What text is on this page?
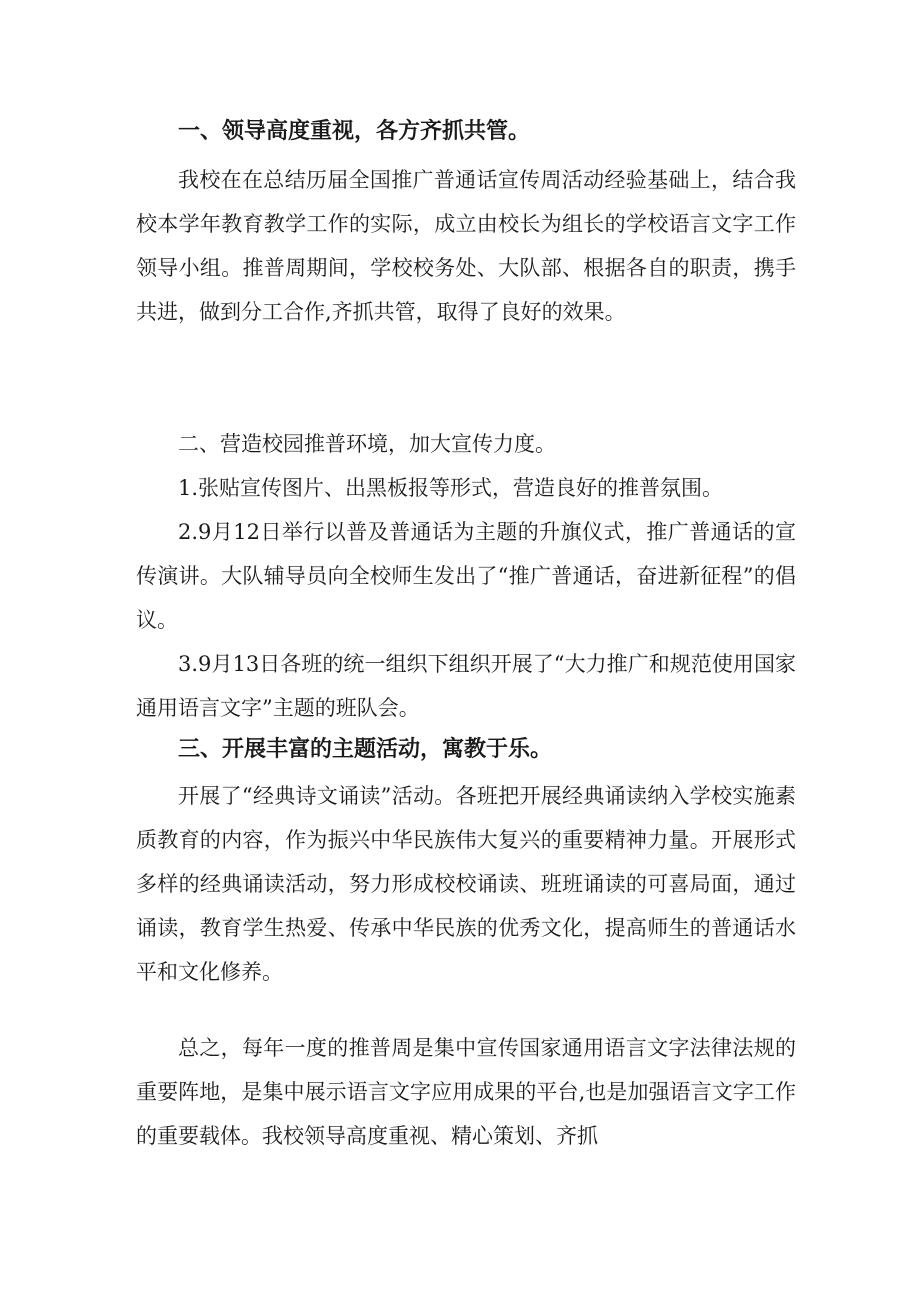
一、领导高度重视，各方齐抓共管。

我校在在总结历届全国推广普通话宣传周活动经验基础上，结合我校本学年教育教学工作的实际，成立由校长为组长的学校语言文字工作领导小组。推普周期间，学校校务处、大队部、根据各自的职责，携手共进，做到分工合作,齐抓共管，取得了良好的效果。

二、营造校园推普环境，加大宣传力度。

1.张贴宣传图片、出黑板报等形式，营造良好的推普氛围。

2.9月12日举行以普及普通话为主题的升旗仪式，推广普通话的宣传演讲。大队辅导员向全校师生发出了“推广普通话，奋进新征程”的倡议。

3.9月13日各班的统一组织下组织开展了“大力推广和规范使用国家通用语言文字”主题的班队会。

三、开展丰富的主题活动，寓教于乐。

开展了“经典诗文诵读”活动。各班把开展经典诵读纳入学校实施素质教育的内容，作为振兴中华民族伟大复兴的重要精神力量。开展形式多样的经典诵读活动，努力形成校校诵读、班班诵读的可喜局面，通过诵读，教育学生热爱、传承中华民族的优秀文化，提高师生的普通话水平和文化修养。

总之，每年一度的推普周是集中宣传国家通用语言文字法律法规的重要阵地，是集中展示语言文字应用成果的平台,也是加强语言文字工作的重要载体。我校领导高度重视、精心策划、齐抓
